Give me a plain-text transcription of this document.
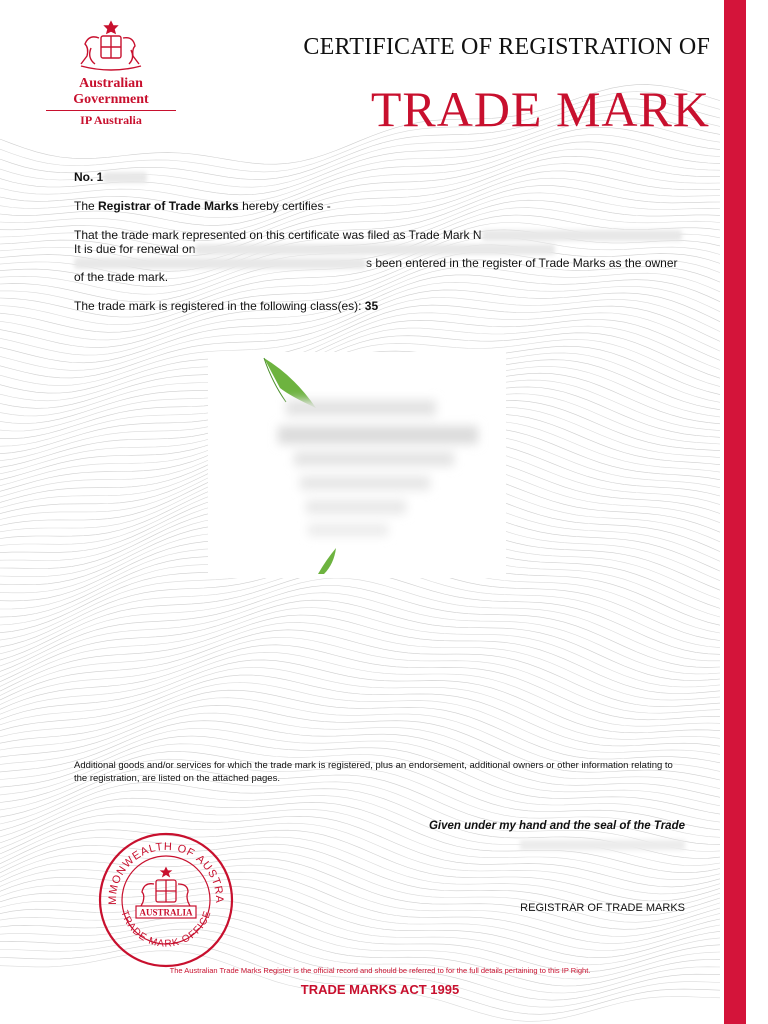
Australian Government
IP Australia
CERTIFICATE OF REGISTRATION OF
TRADE MARK

No. 1

The Registrar of Trade Marks hereby certifies -

That the trade mark represented on this certificate was filed as Trade Mark N

It is due for renewal on

s been entered in the register of Trade Marks as the owner

of the trade mark.

The trade mark is registered in the following class(es): 35

Additional goods and/or services for which the trade mark is registered, plus an endorsement, additional owners or other information relating to the registration, are listed on the attached pages.
Given under my hand and the seal of the Trade
MMONWEALTH OF AUSTRA
TRADE MARK OFFICE
AUSTRALIA	REGISTRAR OF TRADE MARKS
The Australian Trade Marks Register is the official record and should be referred to for the full details pertaining to this IP Right.
TRADE MARKS ACT 1995
